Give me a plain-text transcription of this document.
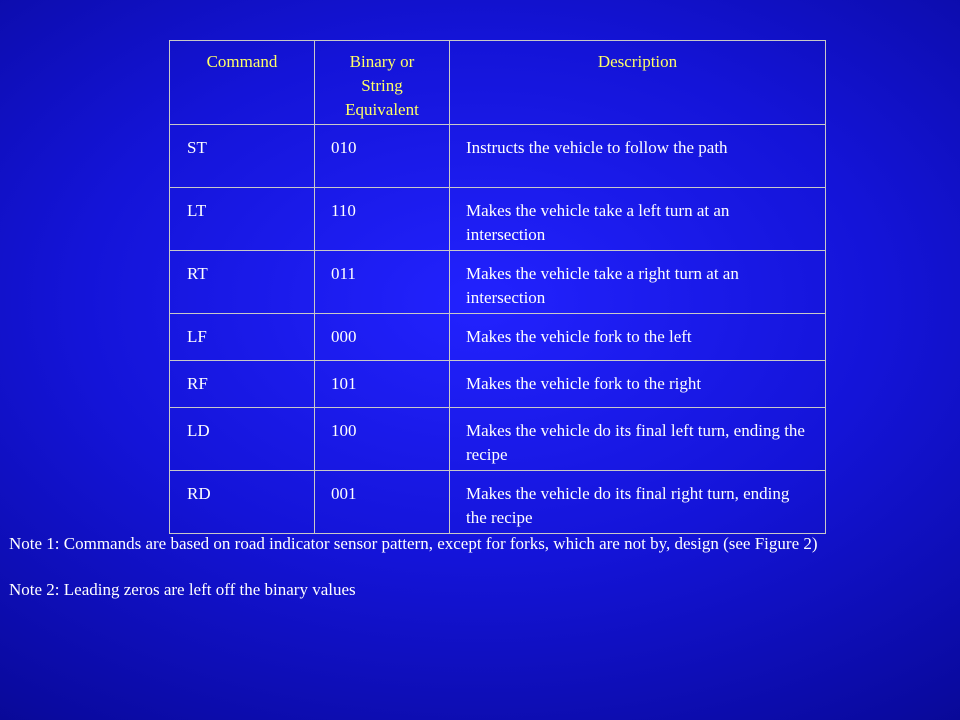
Command	Binary or String Equivalent	Description
ST	010	Instructs the vehicle to follow the path
LT	110	Makes the vehicle take a left turn at an intersection
RT	011	Makes the vehicle take a right turn at an intersection
LF	000	Makes the vehicle fork to the left
RF	101	Makes the vehicle fork to the right
LD	100	Makes the vehicle do its final left turn, ending the recipe
RD	001	Makes the vehicle do its final right turn, ending the recipe
Note 1: Commands are based on road indicator sensor pattern, except for forks, which are not by, design (see Figure 2)
Note 2: Leading zeros are left off the binary values
